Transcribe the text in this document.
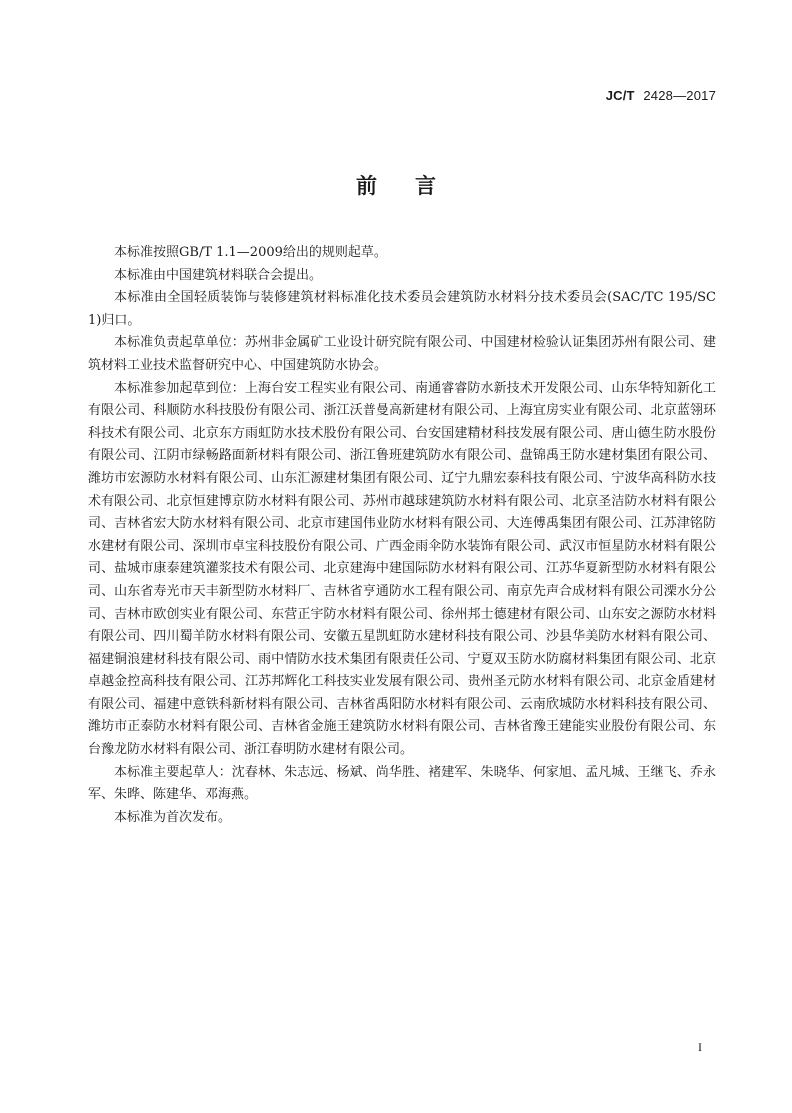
JC/T 2428—2017
前言

本标准按照GB/T 1.1—2009给出的规则起草。

本标准由中国建筑材料联合会提出。

本标准由全国轻质装饰与装修建筑材料标准化技术委员会建筑防水材料分技术委员会(SAC/TC 195/SC 1)归口。

本标准负责起草单位：苏州非金属矿工业设计研究院有限公司、中国建材检验认证集团苏州有限公司、建筑材料工业技术监督研究中心、中国建筑防水协会。

本标准参加起草到位：上海台安工程实业有限公司、南通睿睿防水新技术开发限公司、山东华特知新化工有限公司、科顺防水科技股份有限公司、浙江沃普曼高新建材有限公司、上海宜房实业有限公司、北京蓝翎环科技术有限公司、北京东方雨虹防水技术股份有限公司、台安国建精材科技发展有限公司、唐山德生防水股份有限公司、江阴市绿畅路面新材料有限公司、浙江鲁班建筑防水有限公司、盘锦禹王防水建材集团有限公司、潍坊市宏源防水材料有限公司、山东汇源建材集团有限公司、辽宁九鼎宏泰科技有限公司、宁波华高科防水技术有限公司、北京恒建博京防水材料有限公司、苏州市越球建筑防水材料有限公司、北京圣洁防水材料有限公司、吉林省宏大防水材料有限公司、北京市建国伟业防水材料有限公司、大连傅禹集团有限公司、江苏津铭防水建材有限公司、深圳市卓宝科技股份有限公司、广西金雨伞防水装饰有限公司、武汉市恒星防水材料有限公司、盐城市康泰建筑灌浆技术有限公司、北京建海中建国际防水材料有限公司、江苏华夏新型防水材料有限公司、山东省寿光市天丰新型防水材料厂、吉林省亨通防水工程有限公司、南京先声合成材料有限公司溧水分公司、吉林市欧创实业有限公司、东营正宇防水材料有限公司、徐州邦士德建材有限公司、山东安之源防水材料有限公司、四川蜀羊防水材料有限公司、安徽五星凯虹防水建材科技有限公司、沙县华美防水材料有限公司、福建铜浪建材科技有限公司、雨中情防水技术集团有限责任公司、宁夏双玉防水防腐材料集团有限公司、北京卓越金控高科技有限公司、江苏邦辉化工科技实业发展有限公司、贵州圣元防水材料有限公司、北京金盾建材有限公司、福建中意铁科新材料有限公司、吉林省禹阳防水材料有限公司、云南欣城防水材料科技有限公司、潍坊市正泰防水材料有限公司、吉林省金施王建筑防水材料有限公司、吉林省豫王建能实业股份有限公司、东台豫龙防水材料有限公司、浙江春明防水建材有限公司。

本标准主要起草人：沈春林、朱志远、杨斌、尚华胜、褚建军、朱晓华、何家旭、孟凡城、王继飞、乔永军、朱晔、陈建华、邓海燕。

本标准为首次发布。

I
